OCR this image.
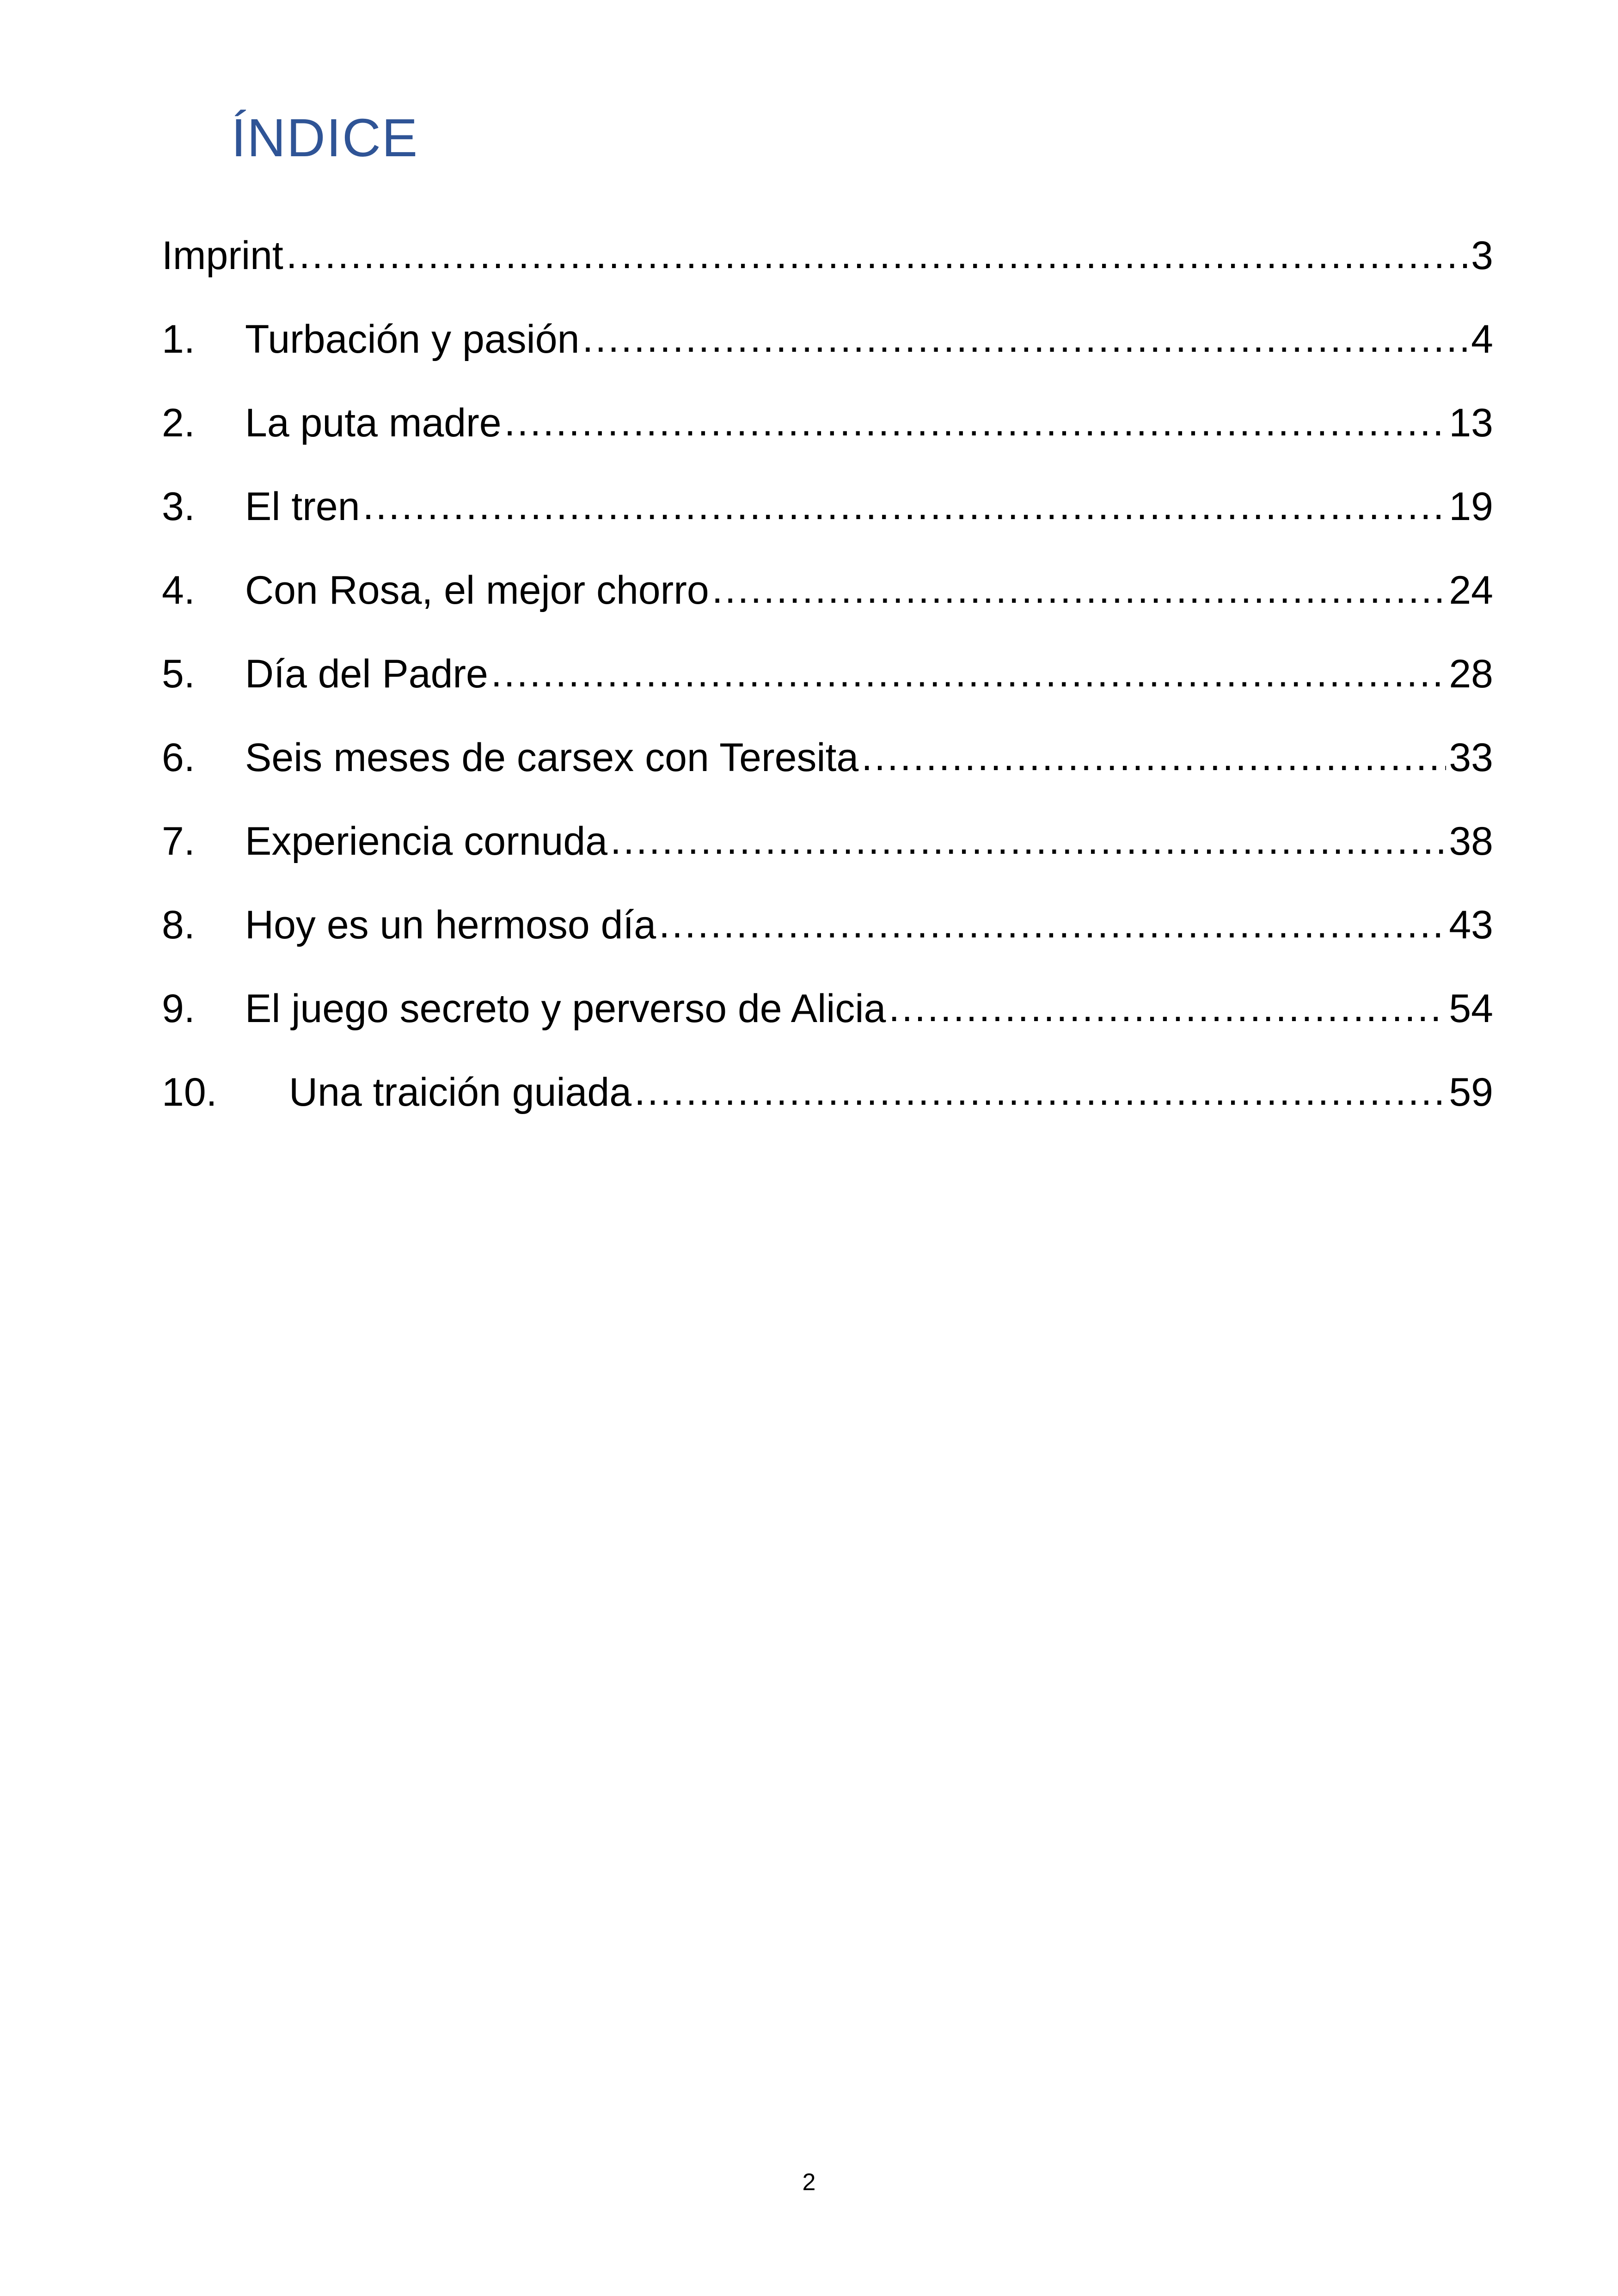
ÍNDICE
Imprint .....	3
1.	Turbación y pasión .....	4
2.	La puta madre .....	13
3.	El tren .....	19
4.	Con Rosa, el mejor chorro .....	24
5.	Día del Padre .....	28
6.	Seis meses de carsex con Teresita .....	33
7.	Experiencia cornuda .....	38
8.	Hoy es un hermoso día .....	43
9.	El juego secreto y perverso de Alicia .....	54
10.	Una traición guiada .....	59
2
